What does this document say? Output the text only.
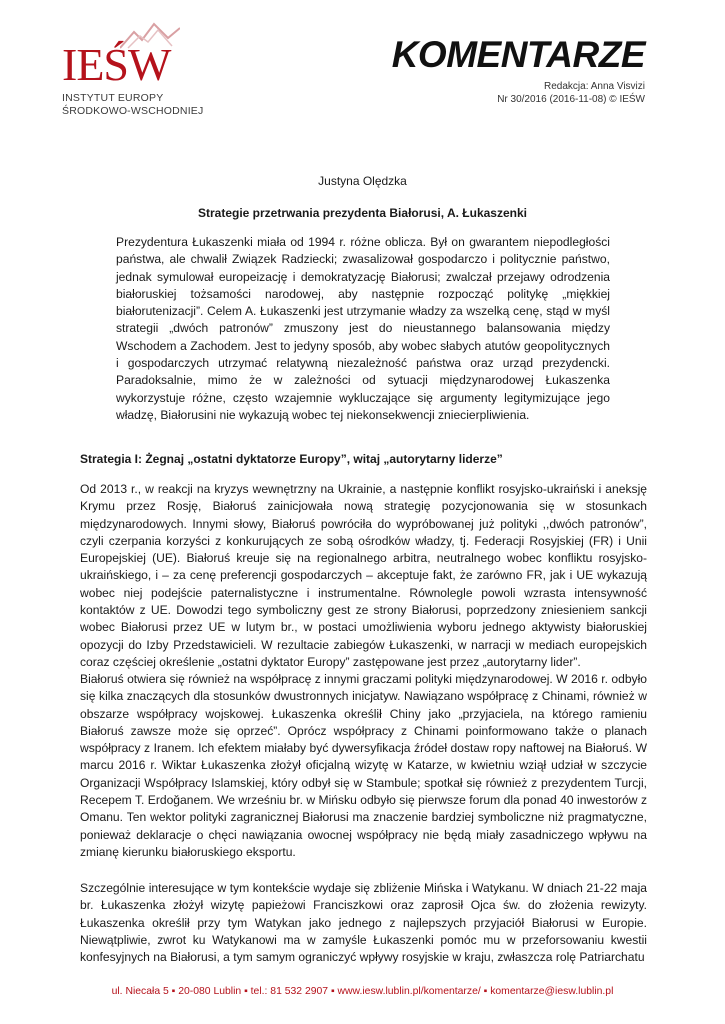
IEŚW
INSTYTUT EUROPY
ŚRODKOWO-WSCHODNIEJ
KOMENTARZE
Redakcja: Anna Visvizi
Nr 30/2016 (2016-11-08) © IEŚW
Justyna Olędzka
Strategie przetrwania prezydenta Białorusi, A. Łukaszenki
Prezydentura Łukaszenki miała od 1994 r. różne oblicza. Był on gwarantem niepodległości państwa, ale chwalił Związek Radziecki; zwasalizował gospodarczo i politycznie państwo, jednak symulował europeizację i demokratyzację Białorusi; zwalczał przejawy odrodzenia białoruskiej tożsamości narodowej, aby następnie rozpocząć politykę „miękkiej białorutenizacji”. Celem A. Łukaszenki jest utrzymanie władzy za wszelką cenę, stąd w myśl strategii „dwóch patronów” zmuszony jest do nieustannego balansowania między Wschodem a Zachodem. Jest to jedyny sposób, aby wobec słabych atutów geopolitycznych i gospodarczych utrzymać relatywną niezależność państwa oraz urząd prezydencki. Paradoksalnie, mimo że w zależności od sytuacji międzynarodowej Łukaszenka wykorzystuje różne, często wzajemnie wykluczające się argumenty legitymizujące jego władzę, Białorusini nie wykazują wobec tej niekonsekwencji zniecierpliwienia.
Strategia I: Żegnaj „ostatni dyktatorze Europy”, witaj „autorytarny liderze”

Od 2013 r., w reakcji na kryzys wewnętrzny na Ukrainie, a następnie konflikt rosyjsko-ukraiński i aneksję Krymu przez Rosję, Białoruś zainicjowała nową strategię pozycjonowania się w stosunkach międzynarodowych. Innymi słowy, Białoruś powróciła do wypróbowanej już polityki ,,dwóch patronów”, czyli czerpania korzyści z konkurujących ze sobą ośrodków władzy, tj. Federacji Rosyjskiej (FR) i Unii Europejskiej (UE). Białoruś kreuje się na regionalnego arbitra, neutralnego wobec konfliktu rosyjsko-ukraińskiego, i – za cenę preferencji gospodarczych – akceptuje fakt, że zarówno FR, jak i UE wykazują wobec niej podejście paternalistyczne i instrumentalne. Równolegle powoli wzrasta intensywność kontaktów z UE. Dowodzi tego symboliczny gest ze strony Białorusi, poprzedzony zniesieniem sankcji wobec Białorusi przez UE w lutym br., w postaci umożliwienia wyboru jednego aktywisty białoruskiej opozycji do Izby Przedstawicieli. W rezultacie zabiegów Łukaszenki, w narracji w mediach europejskich coraz częściej określenie „ostatni dyktator Europy” zastępowane jest przez „autorytarny lider”.

Białoruś otwiera się również na współpracę z innymi graczami polityki międzynarodowej. W 2016 r. odbyło się kilka znaczących dla stosunków dwustronnych inicjatyw. Nawiązano współpracę z Chinami, również w obszarze współpracy wojskowej. Łukaszenka określił Chiny jako „przyjaciela, na którego ramieniu Białoruś zawsze może się oprzeć”. Oprócz współpracy z Chinami poinformowano także o planach współpracy z Iranem. Ich efektem miałaby być dywersyfikacja źródeł dostaw ropy naftowej na Białoruś. W marcu 2016 r. Wiktar Łukaszenka złożył oficjalną wizytę w Katarze, w kwietniu wziął udział w szczycie Organizacji Współpracy Islamskiej, który odbył się w Stambule; spotkał się również z prezydentem Turcji, Recepem T. Erdoğanem. We wrześniu br. w Mińsku odbyło się pierwsze forum dla ponad 40 inwestorów z Omanu. Ten wektor polityki zagranicznej Białorusi ma znaczenie bardziej symboliczne niż pragmatyczne, ponieważ deklaracje o chęci nawiązania owocnej współpracy nie będą miały zasadniczego wpływu na zmianę kierunku białoruskiego eksportu.

Szczególnie interesujące w tym kontekście wydaje się zbliżenie Mińska i Watykanu. W dniach 21-22 maja br. Łukaszenka złożył wizytę papieżowi Franciszkowi oraz zaprosił Ojca św. do złożenia rewizyty. Łukaszenka określił przy tym Watykan jako jednego z najlepszych przyjaciół Białorusi w Europie. Niewątpliwie, zwrot ku Watykanowi ma w zamyśle Łukaszenki pomóc mu w przeforsowaniu kwestii konfesyjnych na Białorusi, a tym samym ograniczyć wpływy rosyjskie w kraju, zwłaszcza rolę Patriarchatu

ul. Niecała 5 ▪ 20-080 Lublin ▪ tel.: 81 532 2907 ▪ www.iesw.lublin.pl/komentarze/ ▪ komentarze@iesw.lublin.pl
